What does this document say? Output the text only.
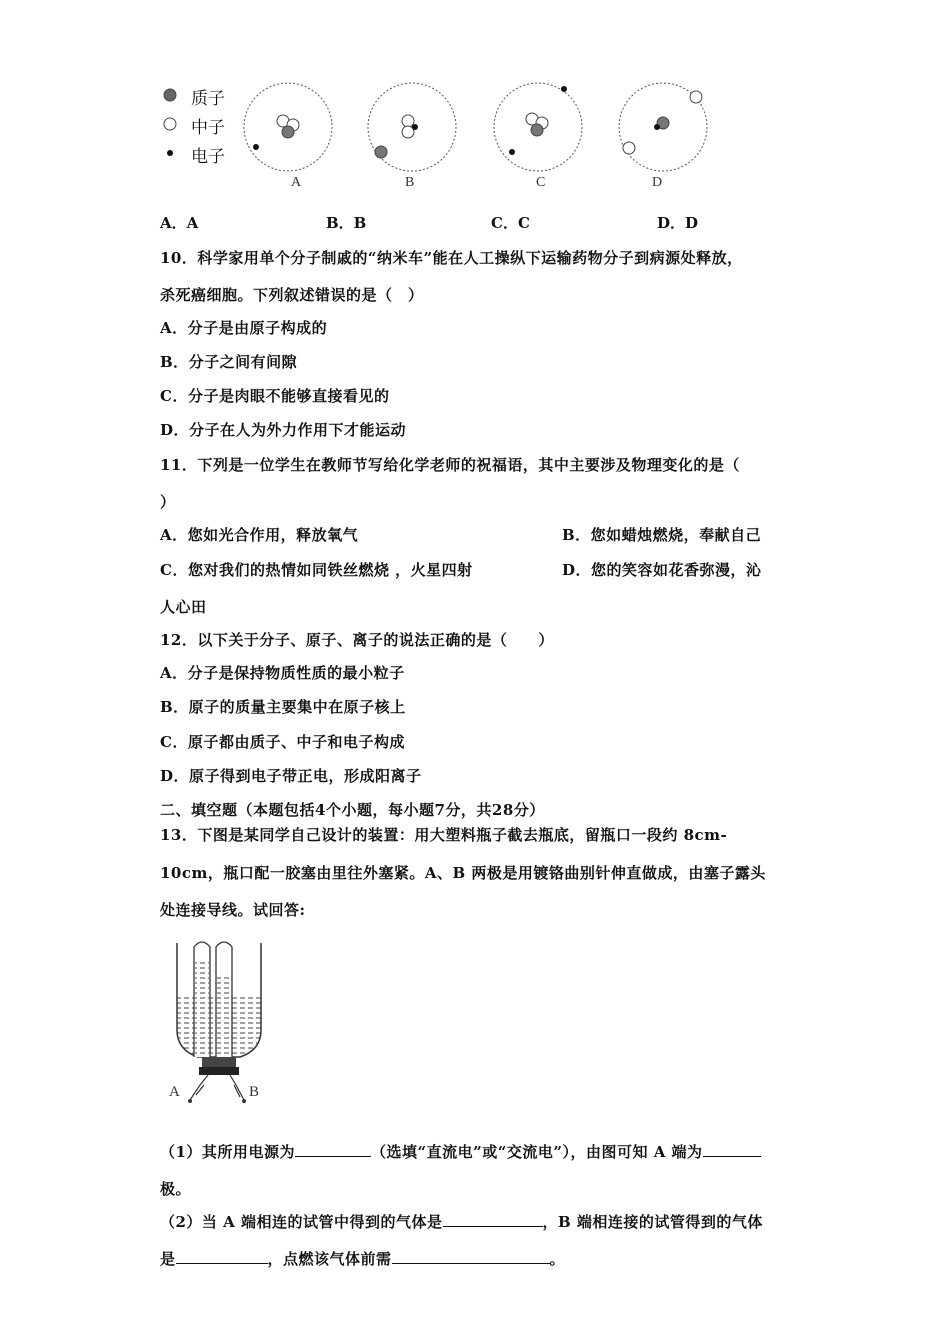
质子
中子
电子
A	B	C	D
A．A	B．B	C．C	D．D
10．科学家用单个分子制戚的“纳米车”能在人工操纵下运输药物分子到病源处释放，
杀死癌细胞。下列叙述错误的是（　）
A．分子是由原子构成的
B．分子之间有间隙
C．分子是肉眼不能够直接看见的
D．分子在人为外力作用下才能运动
11．下列是一位学生在教师节写给化学老师的祝福语，其中主要涉及物理变化的是（
）
A．您如光合作用，释放氧气	B．您如蜡烛燃烧，奉献自己
C．您对我们的热情如同铁丝燃烧 ，火星四射	D．您的笑容如花香弥漫，沁
人心田
12．以下关于分子、原子、离子的说法正确的是（　　）
A．分子是保持物质性质的最小粒子
B．原子的质量主要集中在原子核上
C．原子都由质子、中子和电子构成
D．原子得到电子带正电，形成阳离子
二、填空题（本题包括4个小题，每小题7分，共28分）
13．下图是某同学自己设计的装置：用大塑料瓶子截去瓶底，留瓶口一段约 8cm-
10cm，瓶口配一胶塞由里往外塞紧。A、B 两极是用镀铬曲别针伸直做成，由塞子露头
处连接导线。试回答:
A	B
（1）其所用电源为	（选填“直流电”或“交流电”），由图可知 A 端为
极。
（2）当 A 端相连的试管中得到的气体是	，B 端相连接的试管得到的气体
是	，点燃该气体前需	。
